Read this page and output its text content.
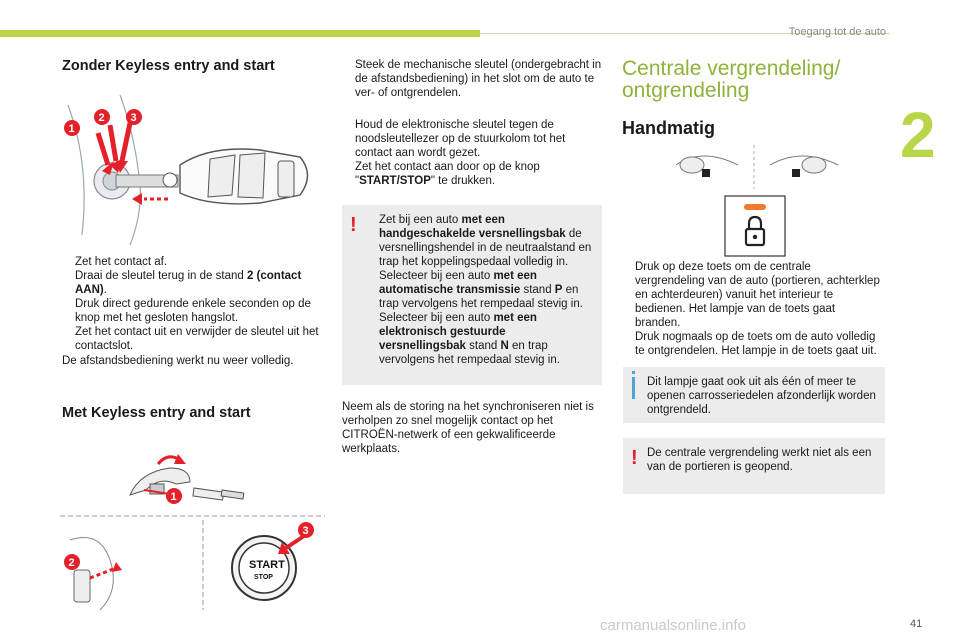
Toegang tot de auto
2
Zonder Keyless entry and start
1
2 3
Zet het contact af.
Draai de sleutel terug in de stand 2 (contact AAN).
Druk direct gedurende enkele seconden op de knop met het gesloten hangslot.
Zet het contact uit en verwijder de sleutel uit het contactslot.
De afstandsbediening werkt nu weer volledig.
Met Keyless entry and start
1
2	START
STOP
3
Steek de mechanische sleutel (ondergebracht in de afstandsbediening) in het slot om de auto te ver- of ontgrendelen.
Houd de elektronische sleutel tegen de noodsleutellezer op de stuurkolom tot het contact aan wordt gezet.
Zet het contact aan door op de knop "START/STOP" te drukken.
!	Zet bij een auto met een handgeschakelde versnellingsbak de versnellingshendel in de neutraalstand en trap het koppelingspedaal volledig in.
Selecteer bij een auto met een automatische transmissie stand P en trap vervolgens het rempedaal stevig in.
Selecteer bij een auto met een elektronisch gestuurde versnellingsbak stand N en trap vervolgens het rempedaal stevig in.
Neem als de storing na het synchroniseren niet is verholpen zo snel mogelijk contact op het CITROËN-netwerk of een gekwalificeerde werkplaats.
Centrale vergrendeling/ ontgrendeling
Handmatig
Druk op deze toets om de centrale vergrendeling van de auto (portieren, achterklep en achterdeuren) vanuit het interieur te bedienen. Het lampje van de toets gaat branden.
Druk nogmaals op de toets om de auto volledig te ontgrendelen. Het lampje in de toets gaat uit.
Dit lampje gaat ook uit als één of meer te openen carrosseriedelen afzonderlijk worden ontgrendeld.
! De centrale vergrendeling werkt niet als een van de portieren is geopend.
carmanualsonline.info	41
